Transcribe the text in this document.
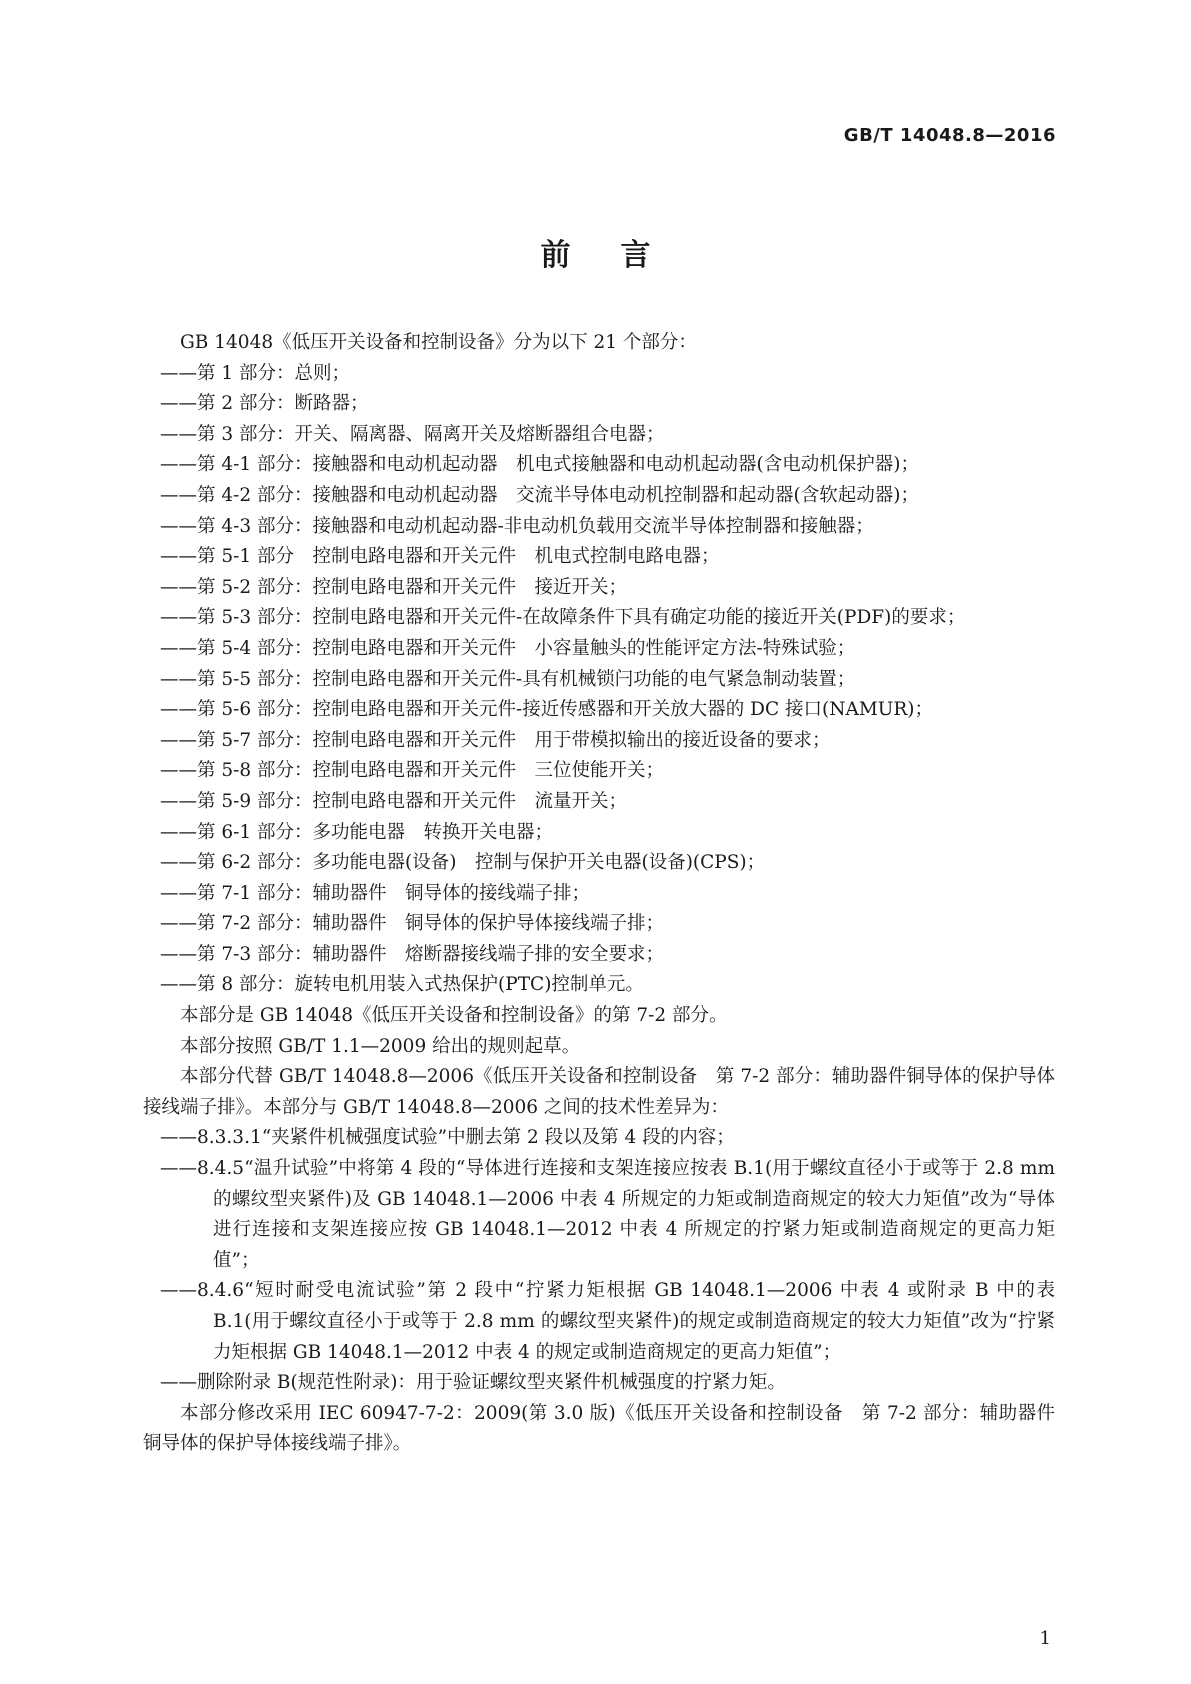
GB/T 14048.8—2016
前言

GB 14048《低压开关设备和控制设备》分为以下 21 个部分：

——第 1 部分：总则；

——第 2 部分：断路器；

——第 3 部分：开关、隔离器、隔离开关及熔断器组合电器；

——第 4-1 部分：接触器和电动机起动器　机电式接触器和电动机起动器(含电动机保护器)；

——第 4-2 部分：接触器和电动机起动器　交流半导体电动机控制器和起动器(含软起动器)；

——第 4-3 部分：接触器和电动机起动器-非电动机负载用交流半导体控制器和接触器；

——第 5-1 部分　控制电路电器和开关元件　机电式控制电路电器；

——第 5-2 部分：控制电路电器和开关元件　接近开关；

——第 5-3 部分：控制电路电器和开关元件-在故障条件下具有确定功能的接近开关(PDF)的要求；

——第 5-4 部分：控制电路电器和开关元件　小容量触头的性能评定方法-特殊试验；

——第 5-5 部分：控制电路电器和开关元件-具有机械锁闩功能的电气紧急制动装置；

——第 5-6 部分：控制电路电器和开关元件-接近传感器和开关放大器的 DC 接口(NAMUR)；

——第 5-7 部分：控制电路电器和开关元件　用于带模拟输出的接近设备的要求；

——第 5-8 部分：控制电路电器和开关元件　三位使能开关；

——第 5-9 部分：控制电路电器和开关元件　流量开关；

——第 6-1 部分：多功能电器　转换开关电器；

——第 6-2 部分：多功能电器(设备)　控制与保护开关电器(设备)(CPS)；

——第 7-1 部分：辅助器件　铜导体的接线端子排；

——第 7-2 部分：辅助器件　铜导体的保护导体接线端子排；

——第 7-3 部分：辅助器件　熔断器接线端子排的安全要求；

——第 8 部分：旋转电机用装入式热保护(PTC)控制单元。

本部分是 GB 14048《低压开关设备和控制设备》的第 7-2 部分。

本部分按照 GB/T 1.1—2009 给出的规则起草。

本部分代替 GB/T 14048.8—2006《低压开关设备和控制设备　第 7-2 部分：辅助器件铜导体的保护导体接线端子排》。本部分与 GB/T 14048.8—2006 之间的技术性差异为：

——8.3.3.1“夹紧件机械强度试验”中删去第 2 段以及第 4 段的内容；

——8.4.5“温升试验”中将第 4 段的“导体进行连接和支架连接应按表 B.1(用于螺纹直径小于或等于 2.8 mm 的螺纹型夹紧件)及 GB 14048.1—2006 中表 4 所规定的力矩或制造商规定的较大力矩值”改为“导体进行连接和支架连接应按 GB 14048.1—2012 中表 4 所规定的拧紧力矩或制造商规定的更高力矩值”；

——8.4.6“短时耐受电流试验”第 2 段中“拧紧力矩根据 GB 14048.1—2006 中表 4 或附录 B 中的表 B.1(用于螺纹直径小于或等于 2.8 mm 的螺纹型夹紧件)的规定或制造商规定的较大力矩值”改为“拧紧力矩根据 GB 14048.1—2012 中表 4 的规定或制造商规定的更高力矩值”；

——删除附录 B(规范性附录)：用于验证螺纹型夹紧件机械强度的拧紧力矩。

本部分修改采用 IEC 60947-7-2：2009(第 3.0 版)《低压开关设备和控制设备　第 7-2 部分：辅助器件　铜导体的保护导体接线端子排》。

1
